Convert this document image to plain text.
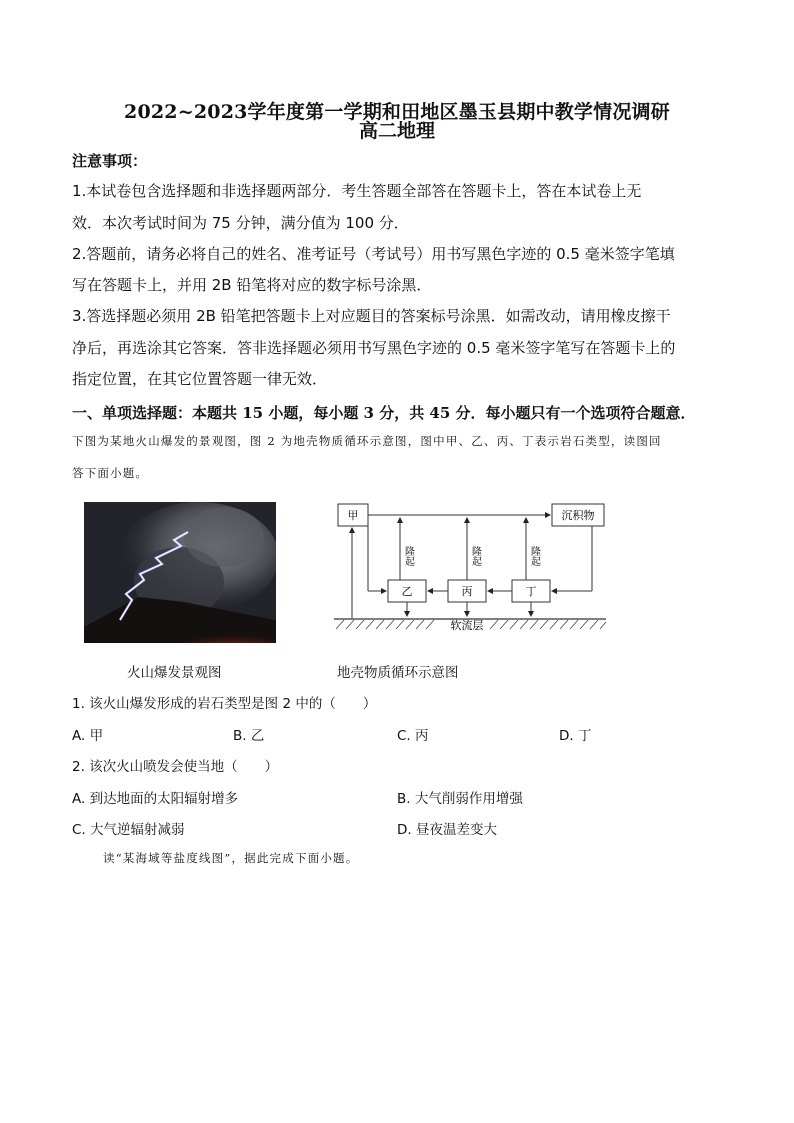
2022~2023学年度第一学期和田地区墨玉县期中教学情况调研
高二地理
注意事项：
1.本试卷包含选择题和非选择题两部分．考生答题全部答在答题卡上，答在本试卷上无
效．本次考试时间为 75 分钟，满分值为 100 分．
2.答题前，请务必将自己的姓名、准考证号（考试号）用书写黑色字迹的 0.5 毫米签字笔填
写在答题卡上，并用 2B 铅笔将对应的数字标号涂黑．
3.答选择题必须用 2B 铅笔把答题卡上对应题目的答案标号涂黑．如需改动，请用橡皮擦干
净后，再选涂其它答案．答非选择题必须用书写黑色字迹的 0.5 毫米签字笔写在答题卡上的
指定位置，在其它位置答题一律无效．
一、单项选择题：本题共 15 小题，每小题 3 分，共 45 分．每小题只有一个选项符合题意．
下图为某地火山爆发的景观图，图 2 为地壳物质循环示意图，图中甲、乙、丙、丁表示岩石类型，读图回
答下面小题。
甲	沉积物
乙	丙	丁
隆起	隆起	隆起
软流层
火山爆发景观图	地壳物质循环示意图
1. 该火山爆发形成的岩石类型是图 2 中的（　　）
A. 甲	B. 乙	C. 丙	D. 丁
2. 该次火山喷发会使当地（　　）
A. 到达地面的太阳辐射增多	B. 大气削弱作用增强
C. 大气逆辐射减弱	D. 昼夜温差变大
读“某海域等盐度线图”，据此完成下面小题。
